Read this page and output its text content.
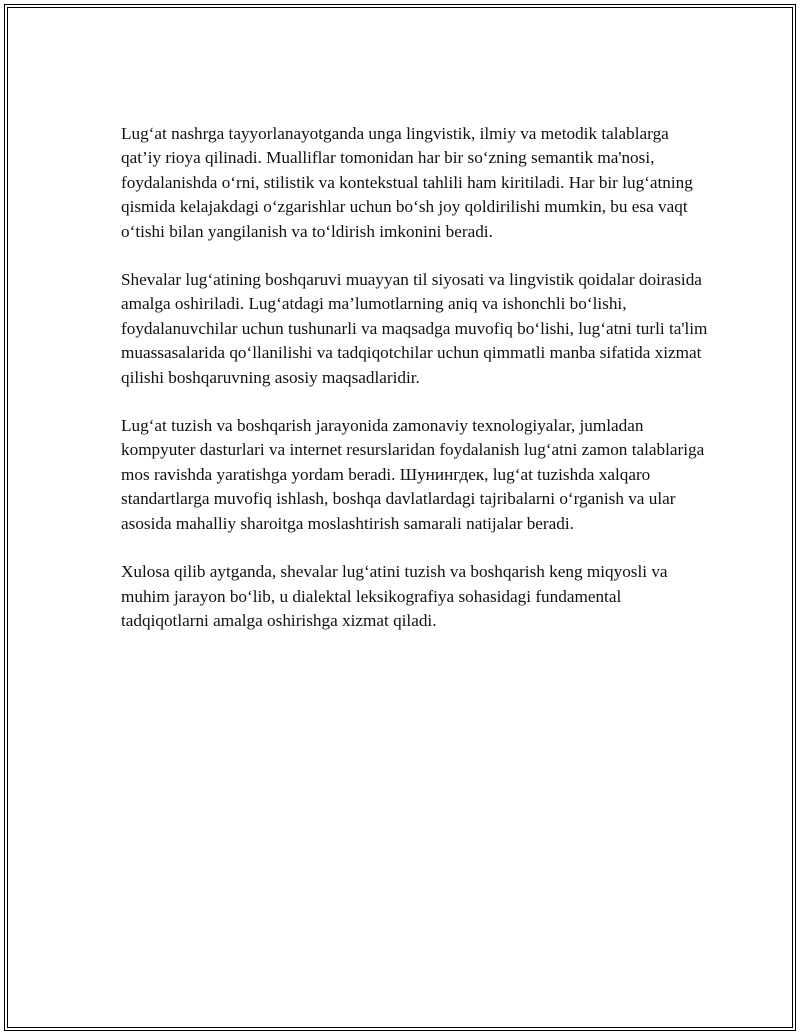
Lug‘at nashrga tayyorlanayotganda unga lingvistik, ilmiy va metodik talablarga qat’iy rioya qilinadi. Mualliflar tomonidan har bir so‘zning semantik ma'nosi, foydalanishda o‘rni, stilistik va kontekstual tahlili ham kiritiladi. Har bir lug‘atning qismida kelajakdagi o‘zgarishlar uchun bo‘sh joy qoldirilishi mumkin, bu esa vaqt o‘tishi bilan yangilanish va to‘ldirish imkonini beradi.

Shevalar lug‘atining boshqaruvi muayyan til siyosati va lingvistik qoidalar doirasida amalga oshiriladi. Lug‘atdagi ma’lumotlarning aniq va ishonchli bo‘lishi, foydalanuvchilar uchun tushunarli va maqsadga muvofiq bo‘lishi, lug‘atni turli ta'lim muassasalarida qo‘llanilishi va tadqiqotchilar uchun qimmatli manba sifatida xizmat qilishi boshqaruvning asosiy maqsadlaridir.

Lug‘at tuzish va boshqarish jarayonida zamonaviy texnologiyalar, jumladan kompyuter dasturlari va internet resurslaridan foydalanish lug‘atni zamon talablariga mos ravishda yaratishga yordam beradi. Шунингдек, lug‘at tuzishda xalqaro standartlarga muvofiq ishlash, boshqa davlatlardagi tajribalarni o‘rganish va ular asosida mahalliy sharoitga moslashtirish samarali natijalar beradi.

Xulosa qilib aytganda, shevalar lug‘atini tuzish va boshqarish keng miqyosli va muhim jarayon bo‘lib, u dialektal leksikografiya sohasidagi fundamental tadqiqotlarni amalga oshirishga xizmat qiladi.
